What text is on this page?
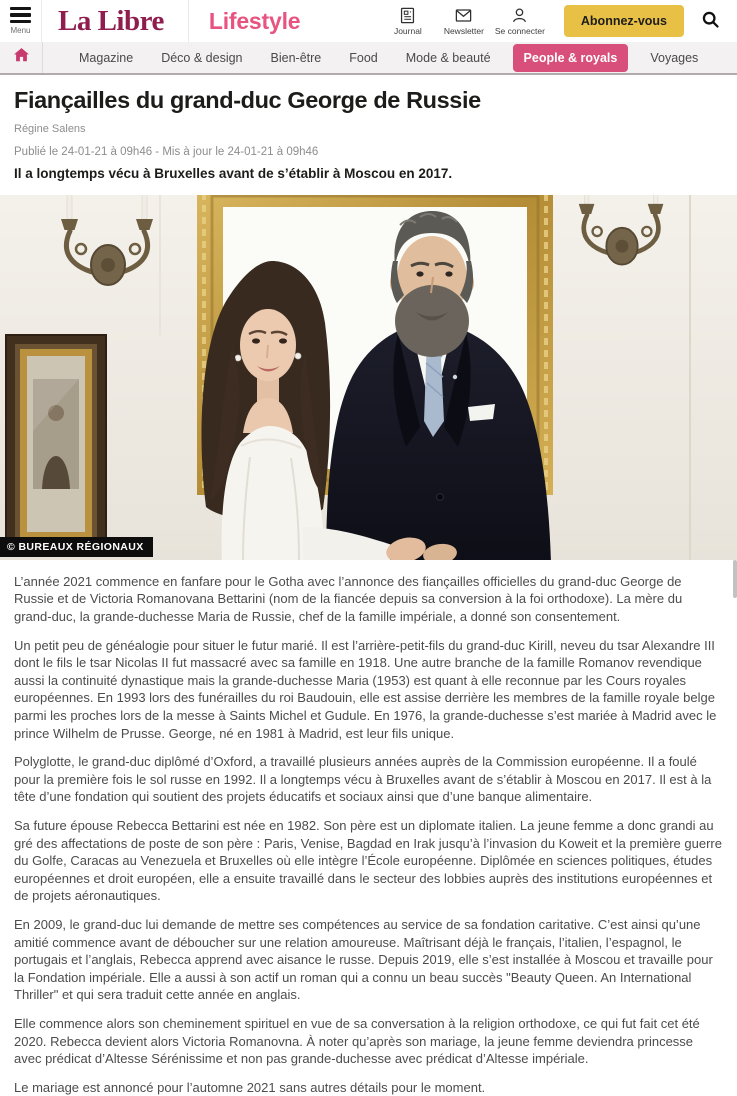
Menu La Libre	Lifestyle	Journal	Newsletter Se connecter
Abonnez-vous
Magazine	Déco & design	Bien-être	Food	Mode & beauté	People & royals	Voyages
Fiançailles du grand-duc George de Russie
Régine Salens
Publié le 24-01-21 à 09h46 - Mis à jour le 24-01-21 à 09h46

Il a longtemps vécu à Bruxelles avant de s’établir à Moscou en 2017.

© BUREAUX RÉGIONAUX

L’année 2021 commence en fanfare pour le Gotha avec l’annonce des fiançailles officielles du grand-duc George de Russie et de Victoria Romanovana Bettarini (nom de la fiancée depuis sa conversion à la foi orthodoxe). La mère du grand-duc, la grande-duchesse Maria de Russie, chef de la famille impériale, a donné son consentement.

Un petit peu de généalogie pour situer le futur marié. Il est l’arrière-petit-fils du grand-duc Kirill, neveu du tsar Alexandre III dont le fils le tsar Nicolas II fut massacré avec sa famille en 1918. Une autre branche de la famille Romanov revendique aussi la continuité dynastique mais la grande-duchesse Maria (1953) est quant à elle reconnue par les Cours royales européennes. En 1993 lors des funérailles du roi Baudouin, elle est assise derrière les membres de la famille royale belge parmi les proches lors de la messe à Saints Michel et Gudule. En 1976, la grande-duchesse s’est mariée à Madrid avec le prince Wilhelm de Prusse. George, né en 1981 à Madrid, est leur fils unique.

Polyglotte, le grand-duc diplômé d’Oxford, a travaillé plusieurs années auprès de la Commission européenne. Il a foulé pour la première fois le sol russe en 1992. Il a longtemps vécu à Bruxelles avant de s’établir à Moscou en 2017. Il est à la tête d’une fondation qui soutient des projets éducatifs et sociaux ainsi que d’une banque alimentaire.

Sa future épouse Rebecca Bettarini est née en 1982. Son père est un diplomate italien. La jeune femme a donc grandi au gré des affectations de poste de son père : Paris, Venise, Bagdad en Irak jusqu’à l’invasion du Koweit et la première guerre du Golfe, Caracas au Venezuela et Bruxelles où elle intègre l’École européenne. Diplômée en sciences politiques, études européennes et droit européen, elle a ensuite travaillé dans le secteur des lobbies auprès des institutions européennes et de projets aéronautiques.

En 2009, le grand-duc lui demande de mettre ses compétences au service de sa fondation caritative. C’est ainsi qu’une amitié commence avant de déboucher sur une relation amoureuse. Maîtrisant déjà le français, l’italien, l’espagnol, le portugais et l’anglais, Rebecca apprend avec aisance le russe. Depuis 2019, elle s’est installée à Moscou et travaille pour la Fondation impériale. Elle a aussi à son actif un roman qui a connu un beau succès "Beauty Queen. An International Thriller" et qui sera traduit cette année en anglais.

Elle commence alors son cheminement spirituel en vue de sa conversation à la religion orthodoxe, ce qui fut fait cet été 2020. Rebecca devient alors Victoria Romanovna. À noter qu’après son mariage, la jeune femme deviendra princesse avec prédicat d’Altesse Sérénissime et non pas grande-duchesse avec prédicat d’Altesse impériale.

Le mariage est annoncé pour l’automne 2021 sans autres détails pour le moment.
